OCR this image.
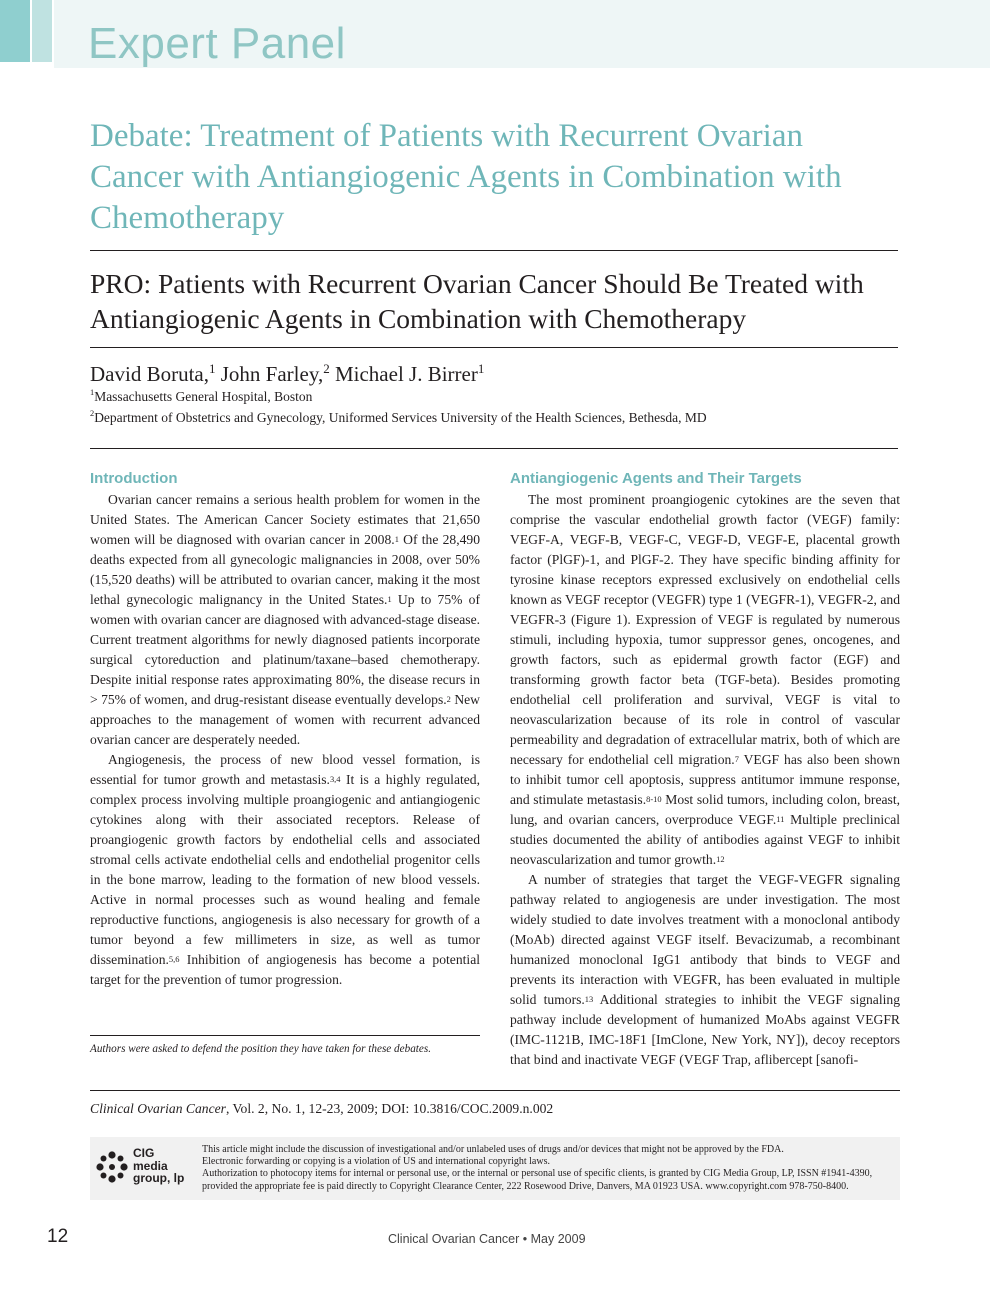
Expert Panel
Debate: Treatment of Patients with Recurrent Ovarian Cancer with Antiangiogenic Agents in Combination with Chemotherapy
PRO: Patients with Recurrent Ovarian Cancer Should Be Treated with Antiangiogenic Agents in Combination with Chemotherapy
David Boruta,$^1$ John Farley,$^2$ Michael J. Birrer$^1$
$^1$Massachusetts General Hospital, Boston
$^2$Department of Obstetrics and Gynecology, Uniformed Services University of the Health Sciences, Bethesda, MD
Introduction

Ovarian cancer remains a serious health problem for women in the United States. The American Cancer Society estimates that 21,650 women will be diagnosed with ovarian cancer in 2008.$^1$ Of the 28,490 deaths expected from all gynecologic malignancies in 2008, over 50% (15,520 deaths) will be attributed to ovarian cancer, making it the most lethal gynecologic malignancy in the United States.$^1$ Up to 75% of women with ovarian cancer are diagnosed with advanced-stage disease. Current treatment algorithms for newly diagnosed patients incorporate surgical cytoreduction and platinum/taxane–based chemotherapy. Despite initial response rates approximating 80%, the disease recurs in > 75% of women, and drug-resistant disease eventually develops.$^2$ New approaches to the management of women with recurrent advanced ovarian cancer are desperately needed.

Angiogenesis, the process of new blood vessel formation, is essential for tumor growth and metastasis.$^{3,4}$ It is a highly regulated, complex process involving multiple proangiogenic and antiangiogenic cytokines along with their associated receptors. Release of proangiogenic growth factors by endothelial cells and associated stromal cells activate endothelial cells and endothelial progenitor cells in the bone marrow, leading to the formation of new blood vessels. Active in normal processes such as wound healing and female reproductive functions, angiogenesis is also necessary for growth of a tumor beyond a few millimeters in size, as well as tumor dissemination.$^{5,6}$ Inhibition of angiogenesis has become a potential target for the prevention of tumor progression.

Authors were asked to defend the position they have taken for these debates.
Antiangiogenic Agents and Their Targets

The most prominent proangiogenic cytokines are the seven that comprise the vascular endothelial growth factor (VEGF) family: VEGF-A, VEGF-B, VEGF-C, VEGF-D, VEGF-E, placental growth factor (PlGF)-1, and PlGF-2. They have specific binding affinity for tyrosine kinase receptors expressed exclusively on endothelial cells known as VEGF receptor (VEGFR) type 1 (VEGFR-1), VEGFR-2, and VEGFR-3 (Figure 1). Expression of VEGF is regulated by numerous stimuli, including hypoxia, tumor suppressor genes, oncogenes, and growth factors, such as epidermal growth factor (EGF) and transforming growth factor beta (TGF-beta). Besides promoting endothelial cell proliferation and survival, VEGF is vital to neovascularization because of its role in control of vascular permeability and degradation of extracellular matrix, both of which are necessary for endothelial cell migration.$^7$ VEGF has also been shown to inhibit tumor cell apoptosis, suppress antitumor immune response, and stimulate metastasis.$^{8-10}$ Most solid tumors, including colon, breast, lung, and ovarian cancers, overproduce VEGF.$^{11}$ Multiple preclinical studies documented the ability of antibodies against VEGF to inhibit neovascularization and tumor growth.$^{12}$

A number of strategies that target the VEGF-VEGFR signaling pathway related to angiogenesis are under investigation. The most widely studied to date involves treatment with a monoclonal antibody (MoAb) directed against VEGF itself. Bevacizumab, a recombinant humanized monoclonal IgG1 antibody that binds to VEGF and prevents its interaction with VEGFR, has been evaluated in multiple solid tumors.$^{13}$ Additional strategies to inhibit the VEGF signaling pathway include development of humanized MoAbs against VEGFR (IMC-1121B, IMC-18F1 [ImClone, New York, NY]), decoy receptors that bind and inactivate VEGF (VEGF Trap, aflibercept [sanofi-

Clinical Ovarian Cancer, Vol. 2, No. 1, 12-23, 2009; DOI: 10.3816/COC.2009.n.002
CIG
media
group, lp
This article might include the discussion of investigational and/or unlabeled uses of drugs and/or devices that might not be approved by the FDA.
Electronic forwarding or copying is a violation of US and international copyright laws.
Authorization to photocopy items for internal or personal use, or the internal or personal use of specific clients, is granted by CIG Media Group, LP, ISSN #1941-4390,
provided the appropriate fee is paid directly to Copyright Clearance Center, 222 Rosewood Drive, Danvers, MA 01923 USA. www.copyright.com 978-750-8400.
12	Clinical Ovarian Cancer • May 2009
